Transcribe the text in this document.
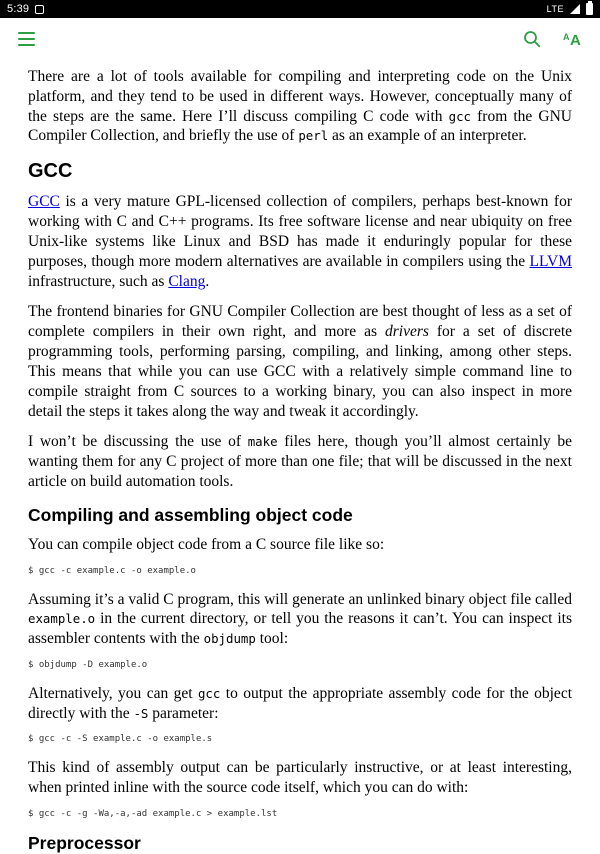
5:39	LTE
A A

There are a lot of tools available for compiling and interpreting code on the Unix platform, and they tend to be used in different ways. However, conceptually many of the steps are the same. Here I’ll discuss compiling C code with gcc from the GNU Compiler Collection, and briefly the use of perl as an example of an interpreter.

GCC

GCC is a very mature GPL-licensed collection of compilers, perhaps best-known for working with C and C++ programs. Its free software license and near ubiquity on free Unix-like systems like Linux and BSD has made it enduringly popular for these purposes, though more modern alternatives are available in compilers using the LLVM infrastructure, such as Clang.

The frontend binaries for GNU Compiler Collection are best thought of less as a set of complete compilers in their own right, and more as drivers for a set of discrete programming tools, performing parsing, compiling, and linking, among other steps. This means that while you can use GCC with a relatively simple command line to compile straight from C sources to a working binary, you can also inspect in more detail the steps it takes along the way and tweak it accordingly.

I won’t be discussing the use of make files here, though you’ll almost certainly be wanting them for any C project of more than one file; that will be discussed in the next article on build automation tools.

Compiling and assembling object code

You can compile object code from a C source file like so:

$ gcc -c example.c -o example.o

Assuming it’s a valid C program, this will generate an unlinked binary object file called example.o in the current directory, or tell you the reasons it can’t. You can inspect its assembler contents with the objdump tool:

$ objdump -D example.o

Alternatively, you can get gcc to output the appropriate assembly code for the object directly with the -S parameter:

$ gcc -c -S example.c -o example.s

This kind of assembly output can be particularly instructive, or at least interesting, when printed inline with the source code itself, which you can do with:

$ gcc -c -g -Wa,-a,-ad example.c > example.lst
Preprocessor
